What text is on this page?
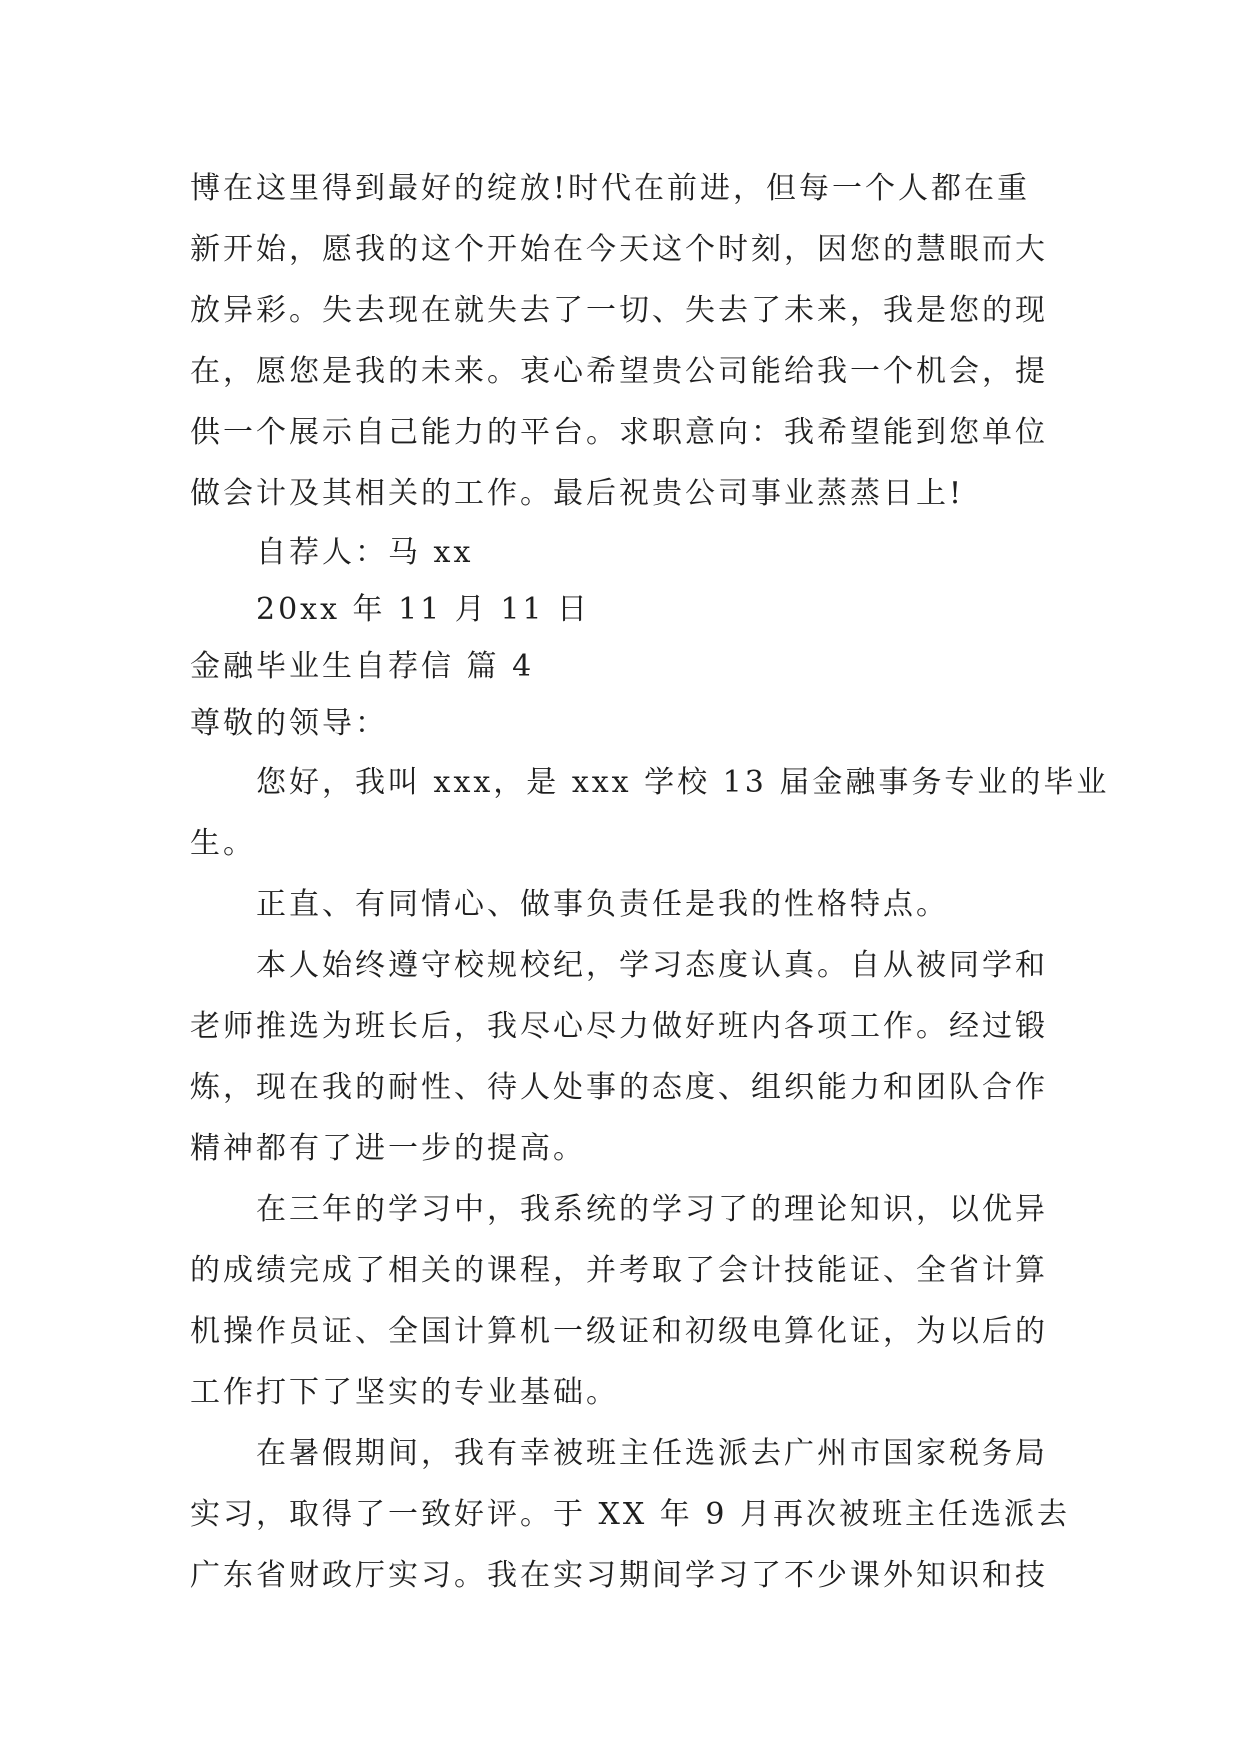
博在这里得到最好的绽放!时代在前进，但每一个人都在重
新开始，愿我的这个开始在今天这个时刻，因您的慧眼而大
放异彩。失去现在就失去了一切、失去了未来，我是您的现
在，愿您是我的未来。衷心希望贵公司能给我一个机会，提
供一个展示自己能力的平台。求职意向：我希望能到您单位
做会计及其相关的工作。最后祝贵公司事业蒸蒸日上!
自荐人：马 xx
20xx 年 11 月 11 日
金融毕业生自荐信 篇 4
尊敬的领导：
您好，我叫 xxx，是 xxx 学校 13 届金融事务专业的毕业
生。
正直、有同情心、做事负责任是我的性格特点。
本人始终遵守校规校纪，学习态度认真。自从被同学和
老师推选为班长后，我尽心尽力做好班内各项工作。经过锻
炼，现在我的耐性、待人处事的态度、组织能力和团队合作
精神都有了进一步的提高。
在三年的学习中，我系统的学习了的理论知识，以优异
的成绩完成了相关的课程，并考取了会计技能证、全省计算
机操作员证、全国计算机一级证和初级电算化证，为以后的
工作打下了坚实的专业基础。
在暑假期间，我有幸被班主任选派去广州市国家税务局
实习，取得了一致好评。于 XX 年 9 月再次被班主任选派去
广东省财政厅实习。我在实习期间学习了不少课外知识和技
